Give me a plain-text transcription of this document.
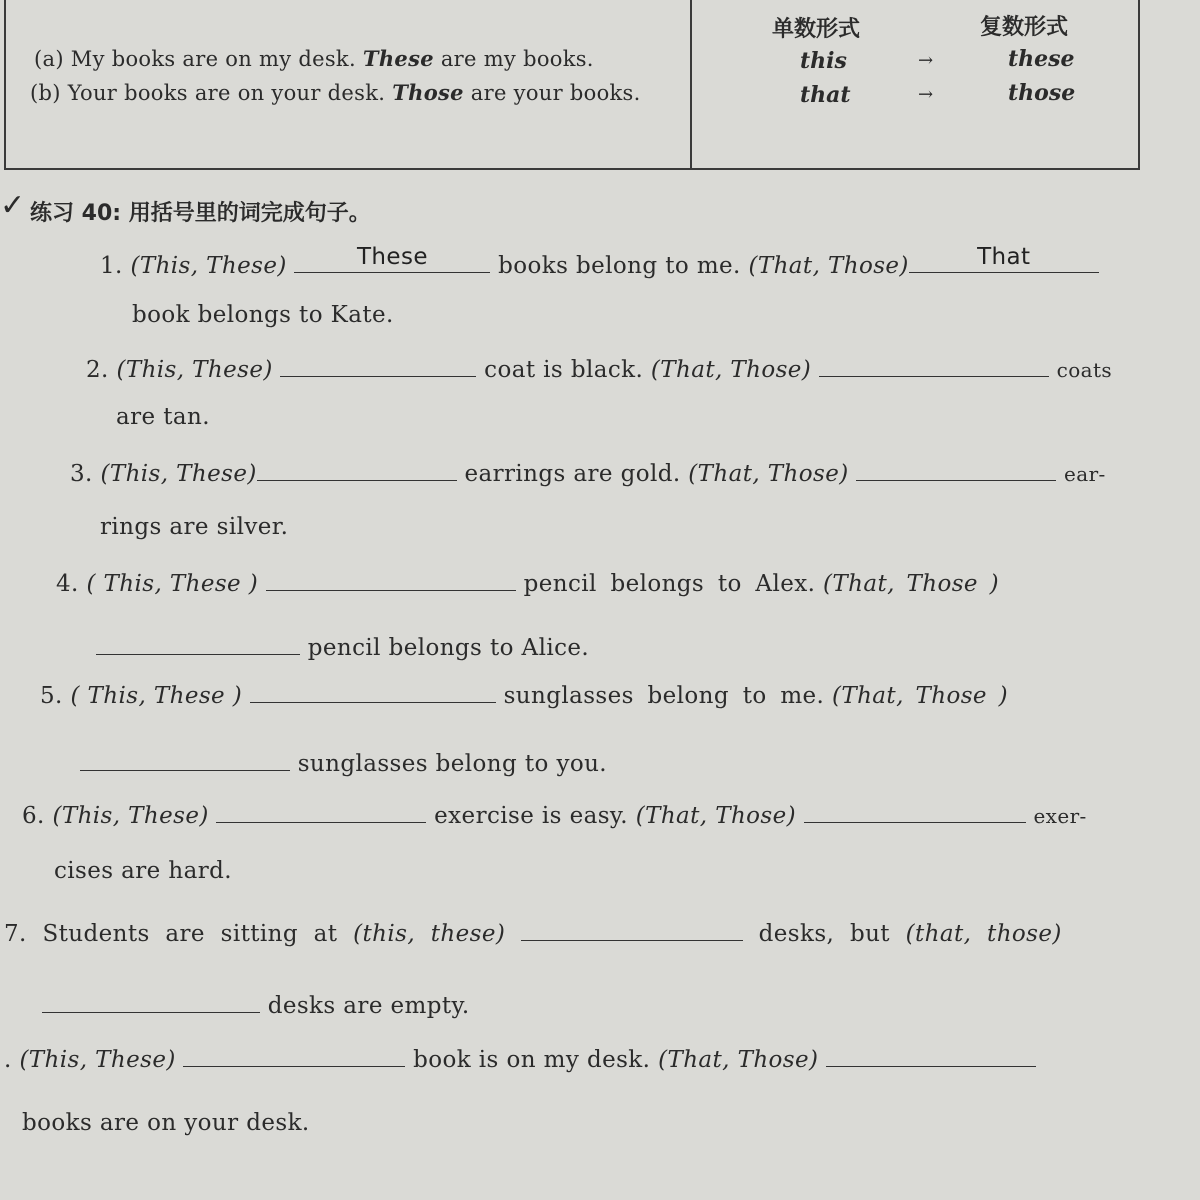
(a) My books are on my desk. These are my books.
(b) Your books are on your desk. Those are your books.
单数形式	复数形式
this	→	these
that	→	those
✓ 练习 40: 用括号里的词完成句子。
1. (This, These)	These	books belong to me. (That, Those)	That
book belongs to Kate.
2. (This, These)	coat is black. (That, Those)	coats
are tan.
3. (This, These)	earrings are gold. (That, Those)	ear-
rings are silver.
4. ( This, These )	pencil belongs to Alex. (That, Those )
pencil belongs to Alice.
5. ( This, These )	sunglasses belong to me. (That, Those )
sunglasses belong to you.
6. (This, These)	exercise is easy. (That, Those)	exer-
cises are hard.
7. Students are sitting at (this, these)	desks, but (that, those)
desks are empty.
. (This, These)	book is on my desk. (That, Those)
books are on your desk.
